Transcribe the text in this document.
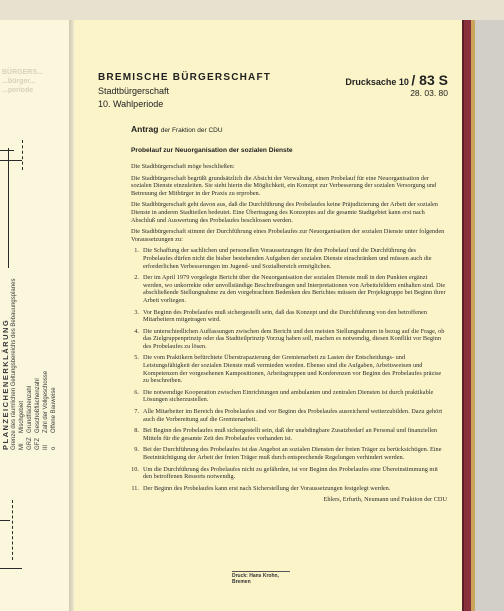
BÜRGERS...
...bürger...
...periode
PLANZEICHENERKLÄRUNG Grenze des räumlichen Geltungsbereichs des Bebauungsplanes MI
Mischgebiet
GRZ
Grundflächenzahl
GFZ
Geschoßflächenzahl
III
Zahl der Vollgeschosse
o
Offene Bauweise
BREMISCHE BÜRGERSCHAFT
Stadtbürgerschaft
10. Wahlperiode
Drucksache 10 / 83 S
28. 03. 80
Antrag der Fraktion der CDU
Probelauf zur Neuorganisation der sozialen Dienste
Die Stadtbürgerschaft möge beschließen:
Die Stadtbürgerschaft begrüßt grundsätzlich die Absicht der Verwaltung, einen Probelauf für eine Neuorganisation der sozialen Dienste einzuleiten. Sie sieht hierin die Möglichkeit, ein Konzept zur Verbesserung der sozialen Versorgung und Betreuung der Mitbürger in der Praxis zu erproben.
Die Stadtbürgerschaft geht davon aus, daß die Durchführung des Probelaufes keine Präjudizierung der Arbeit der sozialen Dienste in anderen Stadtteilen bedeutet. Eine Übertragung des Konzeptes auf die gesamte Stadtgebiet kann erst nach Abschluß und Auswertung des Probelaufes beschlossen werden.
Die Stadtbürgerschaft stimmt der Durchführung eines Probelaufes zur Neuorganisation der sozialen Dienste unter folgenden Voraussetzungen zu:
1. Die Schaffung der sachlichen und personellen Voraussetzungen für den Probelauf und die Durchführung des Probelaufes dürfen nicht die bisher bestehenden Aufgaben der sozialen Dienste einschränken und müssen auch die erforderlichen Verbesserungen im Jugend- und Sozialbereich ermöglichen.
2. Der im April 1979 vorgelegte Bericht über die Neuorganisation der sozialen Dienste muß in den Punkten ergänzt werden, wo unkorrekte oder unvollständige Beschreibungen und Interpretationen von Arbeitsfeldern enthalten sind. Die abschließende Stellungnahme zu den vorgebrachten Bedenken des Berichtes müssen der Projektgruppe bei Beginn ihrer Arbeit vorliegen.
3. Vor Beginn des Probelaufes muß sichergestellt sein, daß das Konzept und die Durchführung von den betroffenen Mitarbeitern mitgetragen wird.
4. Die unterschiedlichen Auffassungen zwischen dem Bericht und den meisten Stellungnahmen in bezug auf die Frage, ob das Zielgruppenprinzip oder das Stadtteilprinzip Vorzug haben soll, machen es notwendig, diesen Konflikt vor Beginn des Probelaufes zu lösen.
5. Die vom Praktikern befürchtete Überstrapazierung der Gremienarbeit zu Lasten der Entscheidungs- und Leistungsfähigkeit der sozialen Dienste muß vermieden werden. Ebenso sind die Aufgaben, Arbeitsweisen und Kompetenzen der vorgesehenen Kampositionen, Arbeitsgruppen und Konferenzen vor Beginn des Probelaufes präzise zu beschreiben.
6. Die notwendige Kooperation zwischen Einrichtungen und ambulanten und zentralen Diensten ist durch praktikable Lösungen sicherzustellen.
7. Alle Mitarbeiter im Bereich des Probelaufes sind vor Beginn des Probelaufes ausreichend weiterzubilden. Dazu gehört auch die Vorbereitung auf die Gremienarbeit.
8. Bei Beginn des Probelaufes muß sichergestellt sein, daß der unabdingbare Zusatzbedarf an Personal und finanziellen Mitteln für die gesamte Zeit des Probelaufes vorhanden ist.
9. Bei der Durchführung des Probelaufes ist das Angebot an sozialen Diensten der freien Träger zu berücksichtigen. Eine Beeinträchtigung der Arbeit der freien Träger muß durch entsprechende Regelungen verhindert werden.
10. Um die Durchführung des Probelaufes nicht zu gefährden, ist vor Beginn des Probelaufes eine Übereinstimmung mit den betroffenen Ressorts notwendig.
11. Der Beginn des Probelaufes kann erst nach Sicherstellung der Voraussetzungen festgelegt werden.
Ehlers, Erfurth, Neumann und Fraktion der CDU
Druck: Hans Krohn, Bremen
